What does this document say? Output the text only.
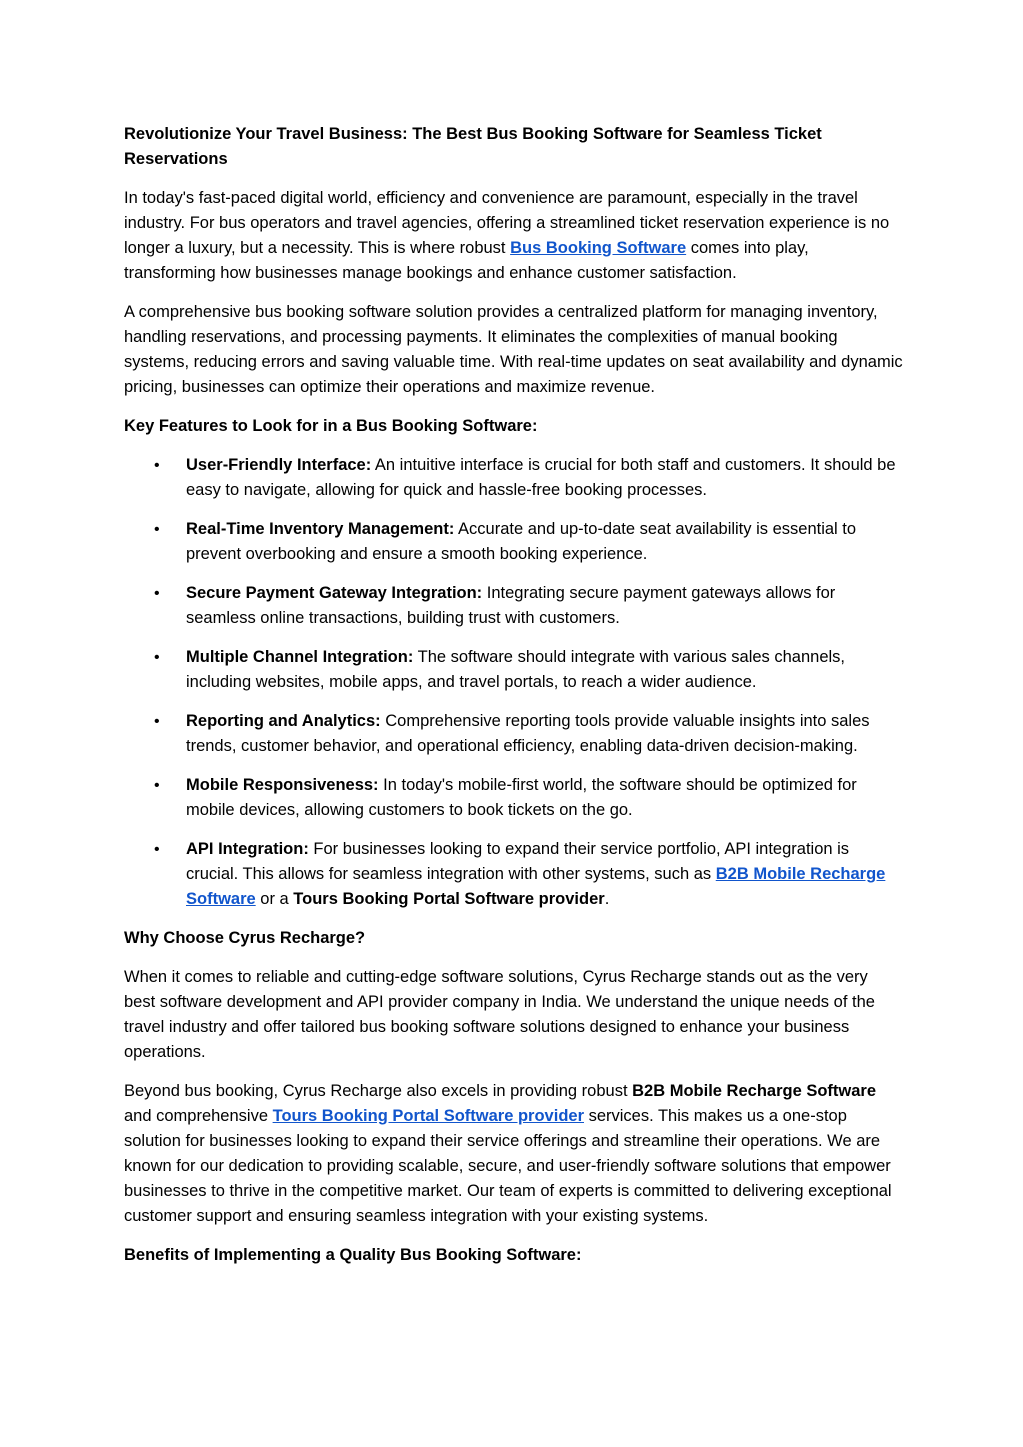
Revolutionize Your Travel Business: The Best Bus Booking Software for Seamless Ticket Reservations

In today's fast-paced digital world, efficiency and convenience are paramount, especially in the travel industry. For bus operators and travel agencies, offering a streamlined ticket reservation experience is no longer a luxury, but a necessity. This is where robust Bus Booking Software comes into play, transforming how businesses manage bookings and enhance customer satisfaction.

A comprehensive bus booking software solution provides a centralized platform for managing inventory, handling reservations, and processing payments. It eliminates the complexities of manual booking systems, reducing errors and saving valuable time. With real-time updates on seat availability and dynamic pricing, businesses can optimize their operations and maximize revenue.

Key Features to Look for in a Bus Booking Software:

• User-Friendly Interface: An intuitive interface is crucial for both staff and customers. It should be easy to navigate, allowing for quick and hassle-free booking processes.
• Real-Time Inventory Management: Accurate and up-to-date seat availability is essential to prevent overbooking and ensure a smooth booking experience.
• Secure Payment Gateway Integration: Integrating secure payment gateways allows for seamless online transactions, building trust with customers.
• Multiple Channel Integration: The software should integrate with various sales channels, including websites, mobile apps, and travel portals, to reach a wider audience.
• Reporting and Analytics: Comprehensive reporting tools provide valuable insights into sales trends, customer behavior, and operational efficiency, enabling data-driven decision-making.
• Mobile Responsiveness: In today's mobile-first world, the software should be optimized for mobile devices, allowing customers to book tickets on the go.
• API Integration: For businesses looking to expand their service portfolio, API integration is crucial. This allows for seamless integration with other systems, such as B2B Mobile Recharge Software or a Tours Booking Portal Software provider.

Why Choose Cyrus Recharge?

When it comes to reliable and cutting-edge software solutions, Cyrus Recharge stands out as the very best software development and API provider company in India. We understand the unique needs of the travel industry and offer tailored bus booking software solutions designed to enhance your business operations.

Beyond bus booking, Cyrus Recharge also excels in providing robust B2B Mobile Recharge Software and comprehensive Tours Booking Portal Software provider services. This makes us a one-stop solution for businesses looking to expand their service offerings and streamline their operations. We are known for our dedication to providing scalable, secure, and user-friendly software solutions that empower businesses to thrive in the competitive market. Our team of experts is committed to delivering exceptional customer support and ensuring seamless integration with your existing systems.

Benefits of Implementing a Quality Bus Booking Software:
